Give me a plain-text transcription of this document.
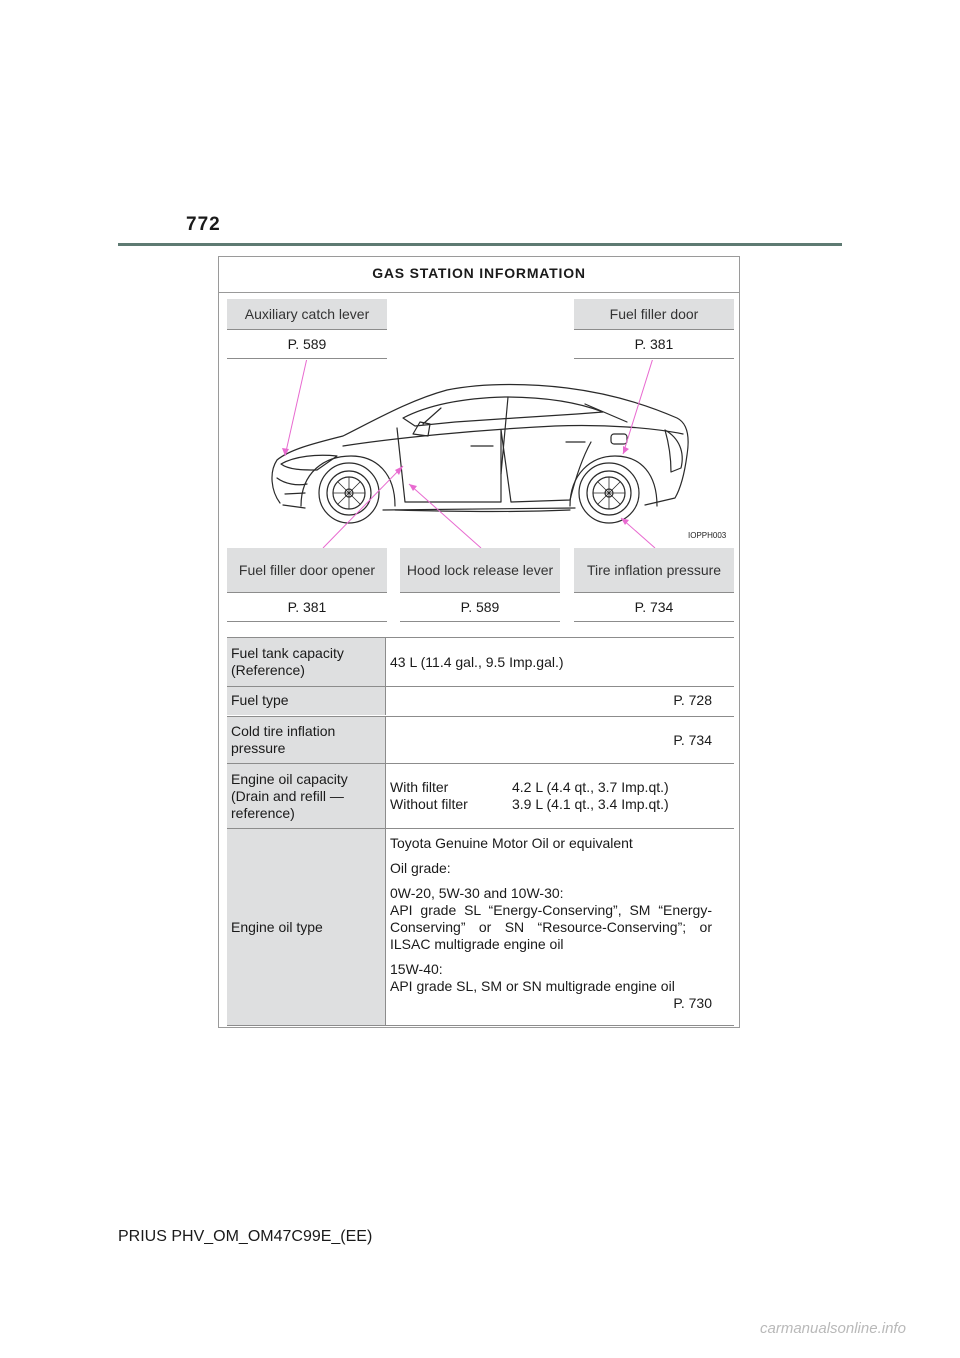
772
GAS STATION INFORMATION
Auxiliary catch lever
P. 589
Fuel filler door
P. 381
IOPPH003
Fuel filler door opener
P. 381
Hood lock release lever
P. 589
Tire inflation pressure
P. 734
Fuel tank capacity (Reference)	43 L (11.4 gal., 9.5 Imp.gal.)
Fuel type	P. 728
Cold tire inflation pressure	P. 734
Engine oil capacity (Drain and refill — reference)
With filter	4.2 L (4.4 qt., 3.7 Imp.qt.)
Without filter	3.9 L (4.1 qt., 3.4 Imp.qt.)
Engine oil type

Toyota Genuine Motor Oil or equivalent

Oil grade:

0W-20, 5W-30 and 10W-30:

API grade SL “Energy-Conserving”, SM “Energy-Conserving” or SN “Resource-Conserving”; or ILSAC multigrade engine oil

15W-40:
API grade SL, SM or SN multigrade engine oil
P. 730

PRIUS PHV_OM_OM47C99E_(EE)
carmanualsonline.info
